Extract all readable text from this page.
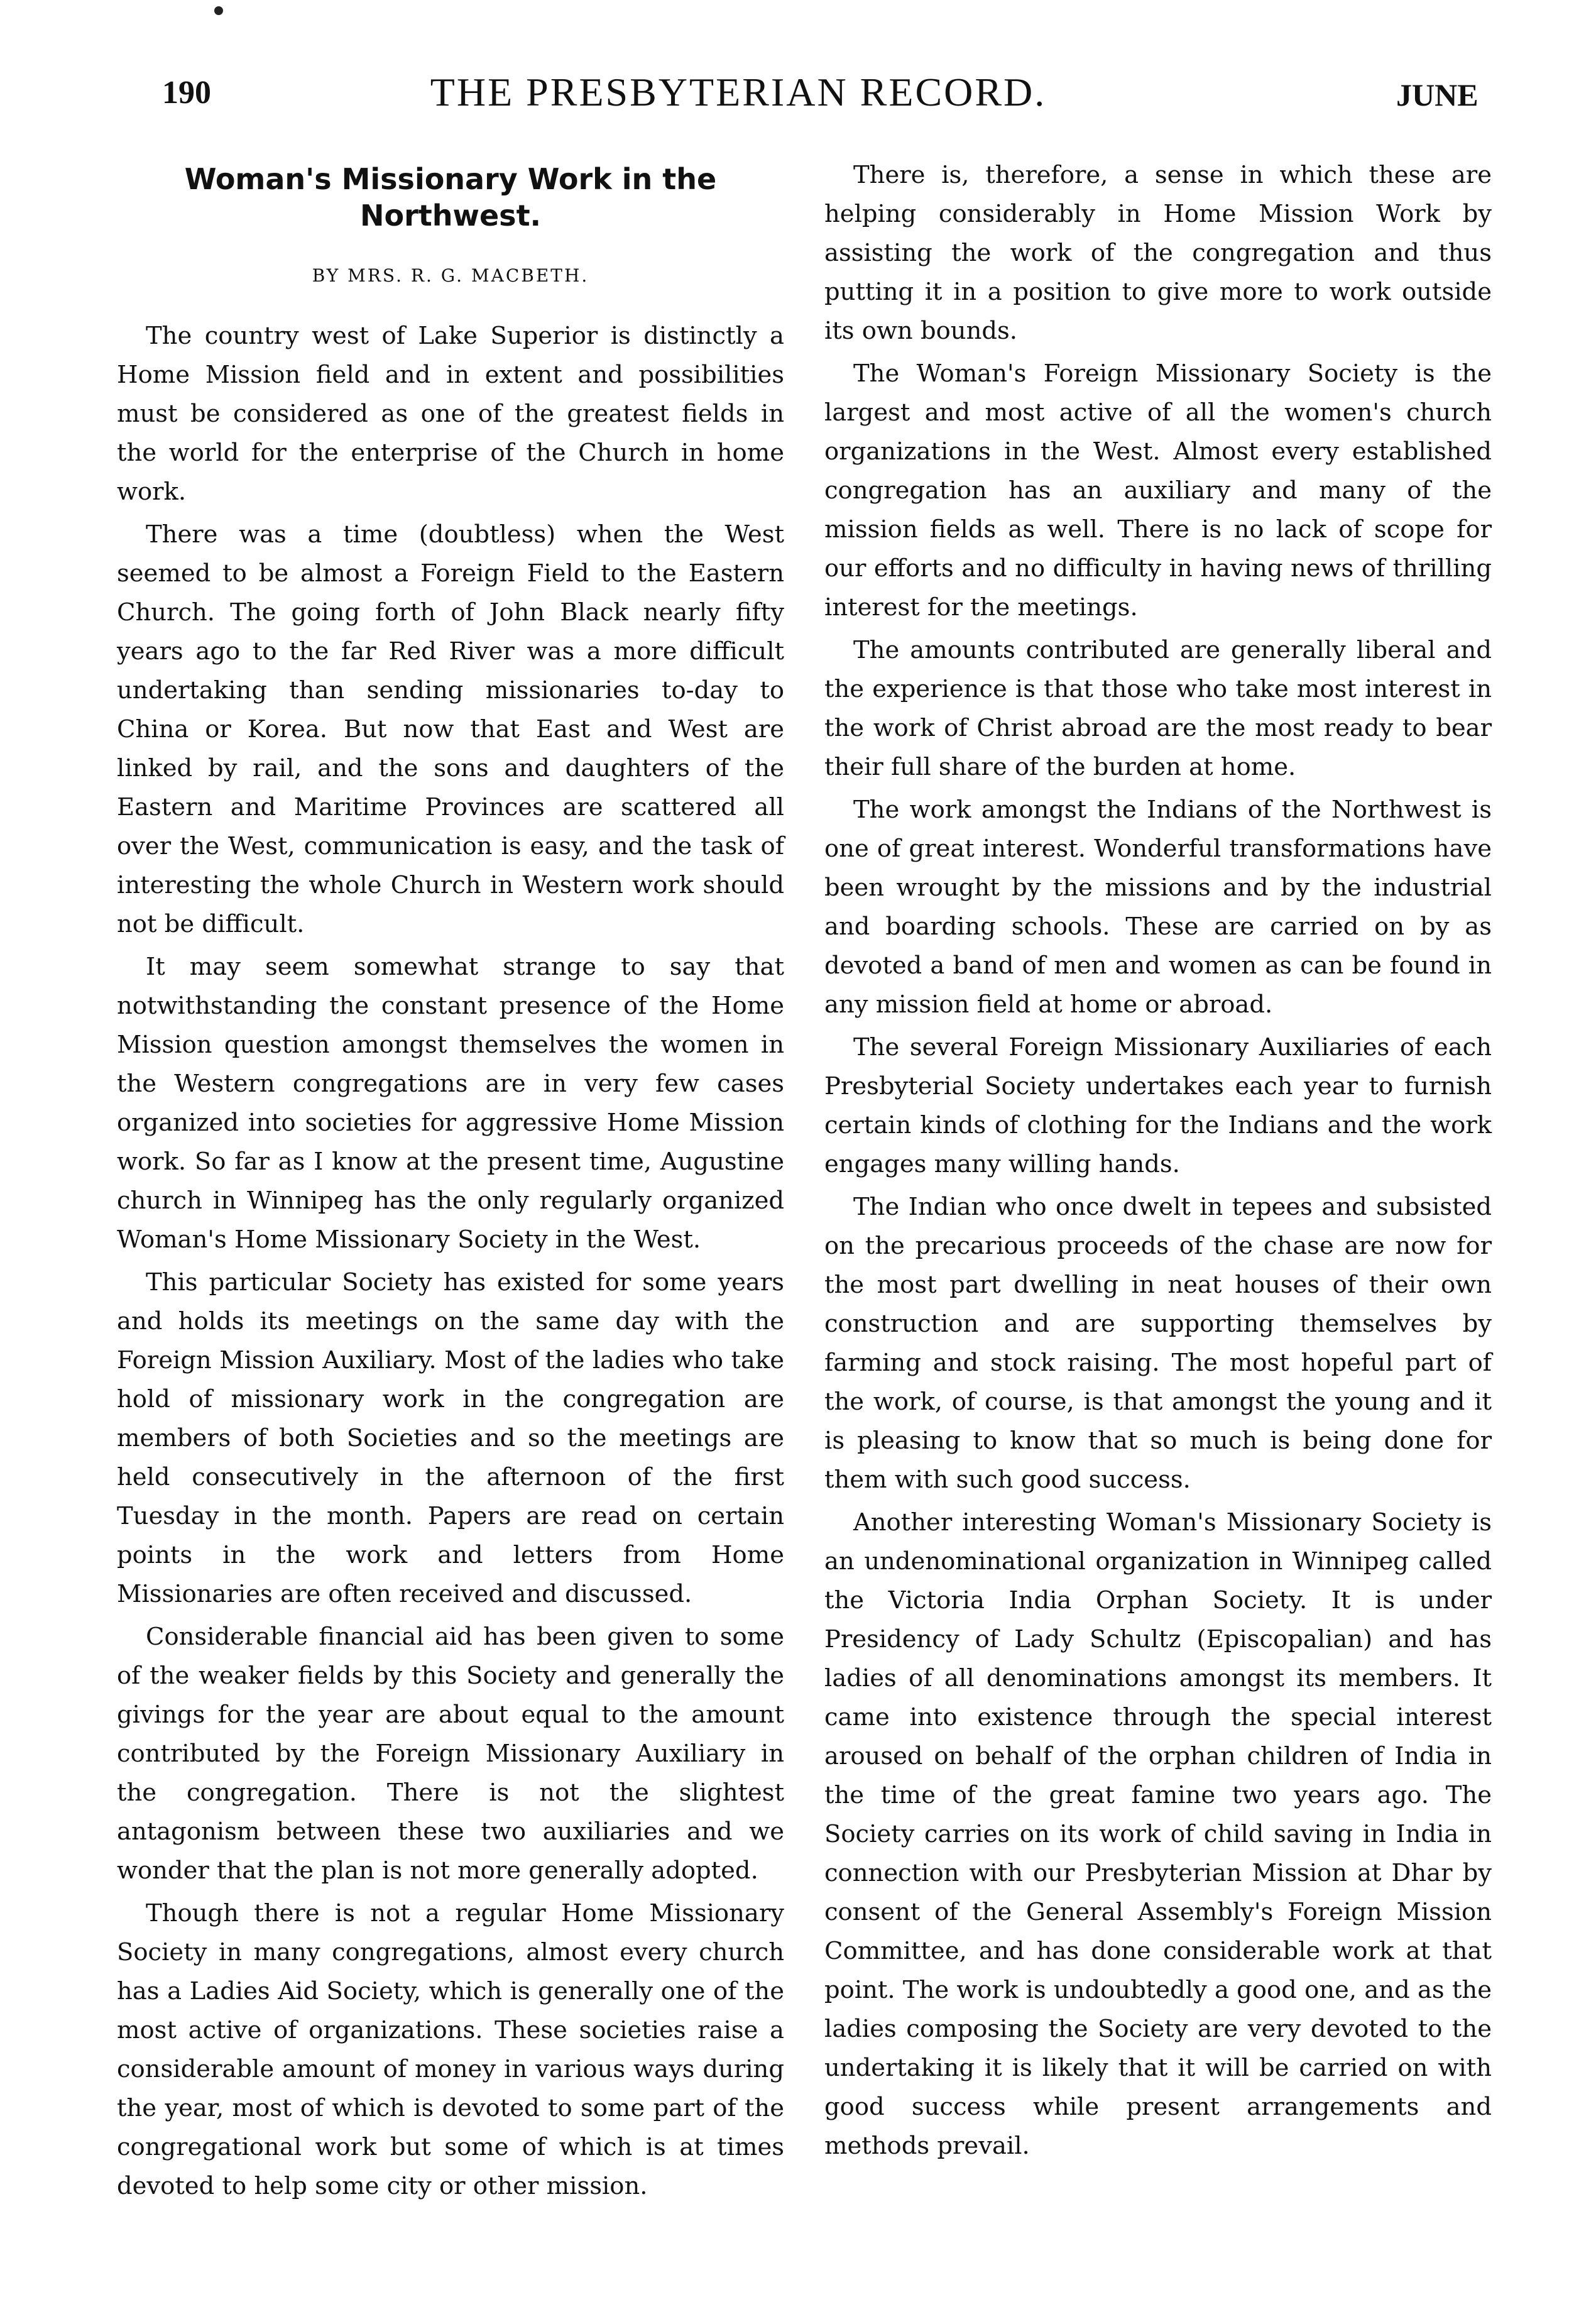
190	THE PRESBYTERIAN RECORD.	JUNE
Woman's Missionary Work in the Northwest.
BY MRS. R. G. MACBETH.

The country west of Lake Superior is distinctly a Home Mission field and in extent and possibilities must be considered as one of the greatest fields in the world for the enterprise of the Church in home work.

There was a time (doubtless) when the West seemed to be almost a Foreign Field to the Eastern Church. The going forth of John Black nearly fifty years ago to the far Red River was a more difficult undertaking than sending missionaries to-day to China or Korea. But now that East and West are linked by rail, and the sons and daughters of the Eastern and Maritime Provinces are scattered all over the West, communication is easy, and the task of interesting the whole Church in Western work should not be difficult.

It may seem somewhat strange to say that notwithstanding the constant presence of the Home Mission question amongst themselves the women in the Western congregations are in very few cases organized into societies for aggressive Home Mission work. So far as I know at the present time, Augustine church in Winnipeg has the only regularly organized Woman's Home Missionary Society in the West.

This particular Society has existed for some years and holds its meetings on the same day with the Foreign Mission Auxiliary. Most of the ladies who take hold of missionary work in the congregation are members of both Societies and so the meetings are held consecutively in the afternoon of the first Tuesday in the month. Papers are read on certain points in the work and letters from Home Missionaries are often received and discussed.

Considerable financial aid has been given to some of the weaker fields by this Society and generally the givings for the year are about equal to the amount contributed by the Foreign Missionary Auxiliary in the congregation. There is not the slightest antagonism between these two auxiliaries and we wonder that the plan is not more generally adopted.

Though there is not a regular Home Missionary Society in many congregations, almost every church has a Ladies Aid Society, which is generally one of the most active of organizations. These societies raise a considerable amount of money in various ways during the year, most of which is devoted to some part of the congregational work but some of which is at times devoted to help some city or other mission.

There is, therefore, a sense in which these are helping considerably in Home Mission Work by assisting the work of the congregation and thus putting it in a position to give more to work outside its own bounds.

The Woman's Foreign Missionary Society is the largest and most active of all the women's church organizations in the West. Almost every established congregation has an auxiliary and many of the mission fields as well. There is no lack of scope for our efforts and no difficulty in having news of thrilling interest for the meetings.

The amounts contributed are generally liberal and the experience is that those who take most interest in the work of Christ abroad are the most ready to bear their full share of the burden at home.

The work amongst the Indians of the Northwest is one of great interest. Wonderful transformations have been wrought by the missions and by the industrial and boarding schools. These are carried on by as devoted a band of men and women as can be found in any mission field at home or abroad.

The several Foreign Missionary Auxiliaries of each Presbyterial Society undertakes each year to furnish certain kinds of clothing for the Indians and the work engages many willing hands.

The Indian who once dwelt in tepees and subsisted on the precarious proceeds of the chase are now for the most part dwelling in neat houses of their own construction and are supporting themselves by farming and stock raising. The most hopeful part of the work, of course, is that amongst the young and it is pleasing to know that so much is being done for them with such good success.

Another interesting Woman's Missionary Society is an undenominational organization in Winnipeg called the Victoria India Orphan Society. It is under Presidency of Lady Schultz (Episcopalian) and has ladies of all denominations amongst its members. It came into existence through the special interest aroused on behalf of the orphan children of India in the time of the great famine two years ago. The Society carries on its work of child saving in India in connection with our Presbyterian Mission at Dhar by consent of the General Assembly's Foreign Mission Committee, and has done considerable work at that point. The work is undoubtedly a good one, and as the ladies composing the Society are very devoted to the undertaking it is likely that it will be carried on with good success while present arrangements and methods prevail.
